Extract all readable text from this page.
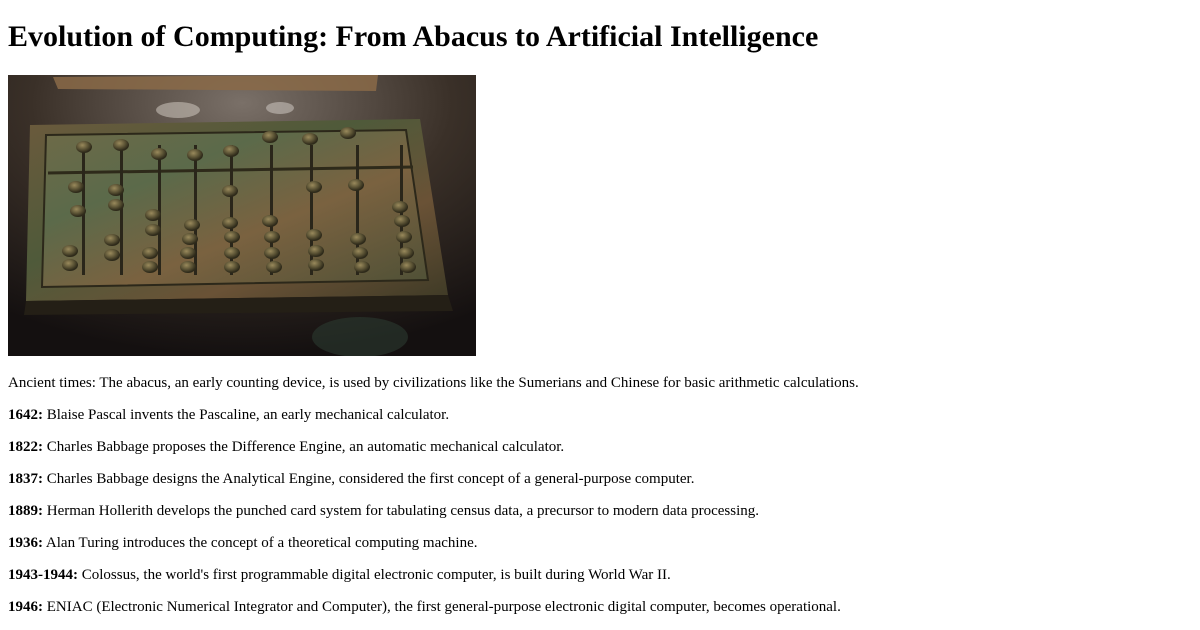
Evolution of Computing: From Abacus to Artificial Intelligence

Ancient times: The abacus, an early counting device, is used by civilizations like the Sumerians and Chinese for basic arithmetic calculations.

1642: Blaise Pascal invents the Pascaline, an early mechanical calculator.

1822: Charles Babbage proposes the Difference Engine, an automatic mechanical calculator.

1837: Charles Babbage designs the Analytical Engine, considered the first concept of a general-purpose computer.

1889: Herman Hollerith develops the punched card system for tabulating census data, a precursor to modern data processing.

1936: Alan Turing introduces the concept of a theoretical computing machine.

1943-1944: Colossus, the world's first programmable digital electronic computer, is built during World War II.

1946: ENIAC (Electronic Numerical Integrator and Computer), the first general-purpose electronic digital computer, becomes operational.
